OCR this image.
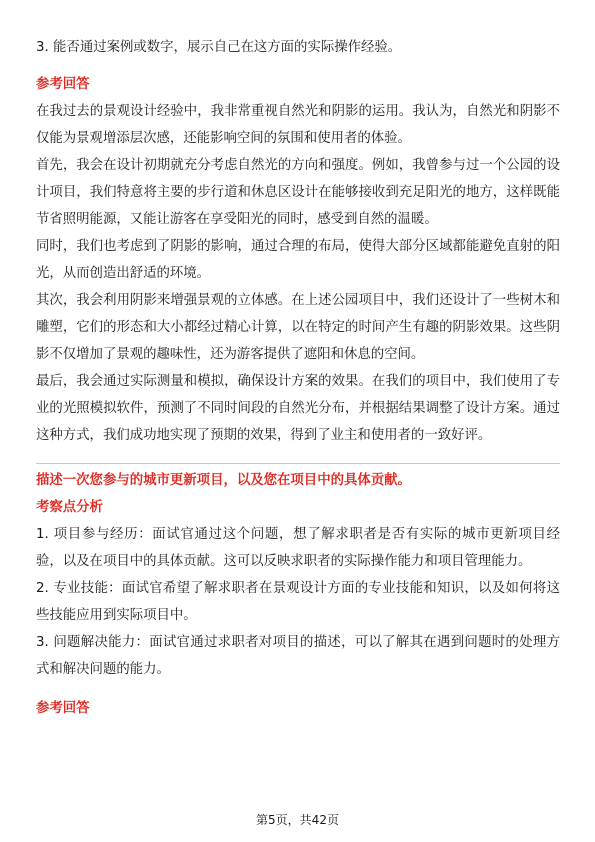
3. 能否通过案例或数字，展示自己在这方面的实际操作经验。

参考回答

在我过去的景观设计经验中，我非常重视自然光和阴影的运用。我认为，自然光和阴影不仅能为景观增添层次感，还能影响空间的氛围和使用者的体验。

首先，我会在设计初期就充分考虑自然光的方向和强度。例如，我曾参与过一个公园的设计项目，我们特意将主要的步行道和休息区设计在能够接收到充足阳光的地方，这样既能节省照明能源，又能让游客在享受阳光的同时，感受到自然的温暖。

同时，我们也考虑到了阴影的影响，通过合理的布局，使得大部分区域都能避免直射的阳光，从而创造出舒适的环境。

其次，我会利用阴影来增强景观的立体感。在上述公园项目中，我们还设计了一些树木和雕塑，它们的形态和大小都经过精心计算，以在特定的时间产生有趣的阴影效果。这些阴影不仅增加了景观的趣味性，还为游客提供了遮阳和休息的空间。

最后，我会通过实际测量和模拟，确保设计方案的效果。在我们的项目中，我们使用了专业的光照模拟软件，预测了不同时间段的自然光分布，并根据结果调整了设计方案。通过这种方式，我们成功地实现了预期的效果，得到了业主和使用者的一致好评。

描述一次您参与的城市更新项目，以及您在项目中的具体贡献。
考察点分析

1. 项目参与经历：面试官通过这个问题，想了解求职者是否有实际的城市更新项目经验，以及在项目中的具体贡献。这可以反映求职者的实际操作能力和项目管理能力。

2. 专业技能：面试官希望了解求职者在景观设计方面的专业技能和知识，以及如何将这些技能应用到实际项目中。

3. 问题解决能力：面试官通过求职者对项目的描述，可以了解其在遇到问题时的处理方式和解决问题的能力。

参考回答
第5页，共42页
